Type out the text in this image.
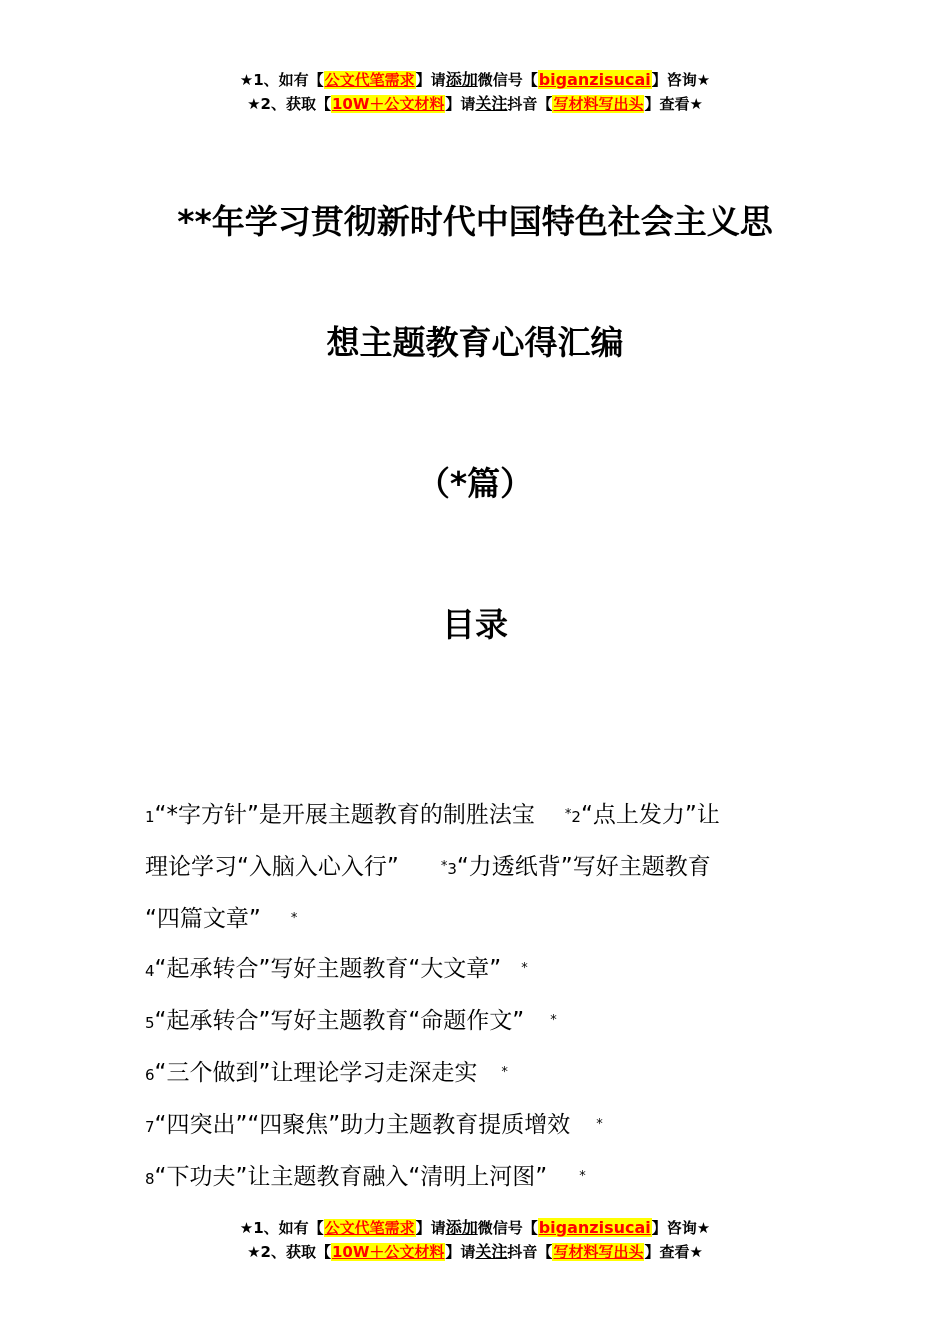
★1、如有【公文代笔需求】请添加微信号【biganzisucai】咨询★
★2、获取【10W＋公文材料】请关注抖音【写材料写出头】查看★
**年学习贯彻新时代中国特色社会主义思
想主题教育心得汇编
（*篇）
目录
1“*字方针”是开展主题教育的制胜法宝 *2“点上发力”让
理论学习“入脑入心入行”	*3“力透纸背”写好主题教育
“四篇文章” *
4“起承转合”写好主题教育“大文章” *
5“起承转合”写好主题教育“命题作文” *
6“三个做到”让理论学习走深走实 *
7“四突出”“四聚焦”助力主题教育提质增效 *
8“下功夫”让主题教育融入“清明上河图” *
★1、如有【公文代笔需求】请添加微信号【biganzisucai】咨询★
★2、获取【10W＋公文材料】请关注抖音【写材料写出头】查看★
